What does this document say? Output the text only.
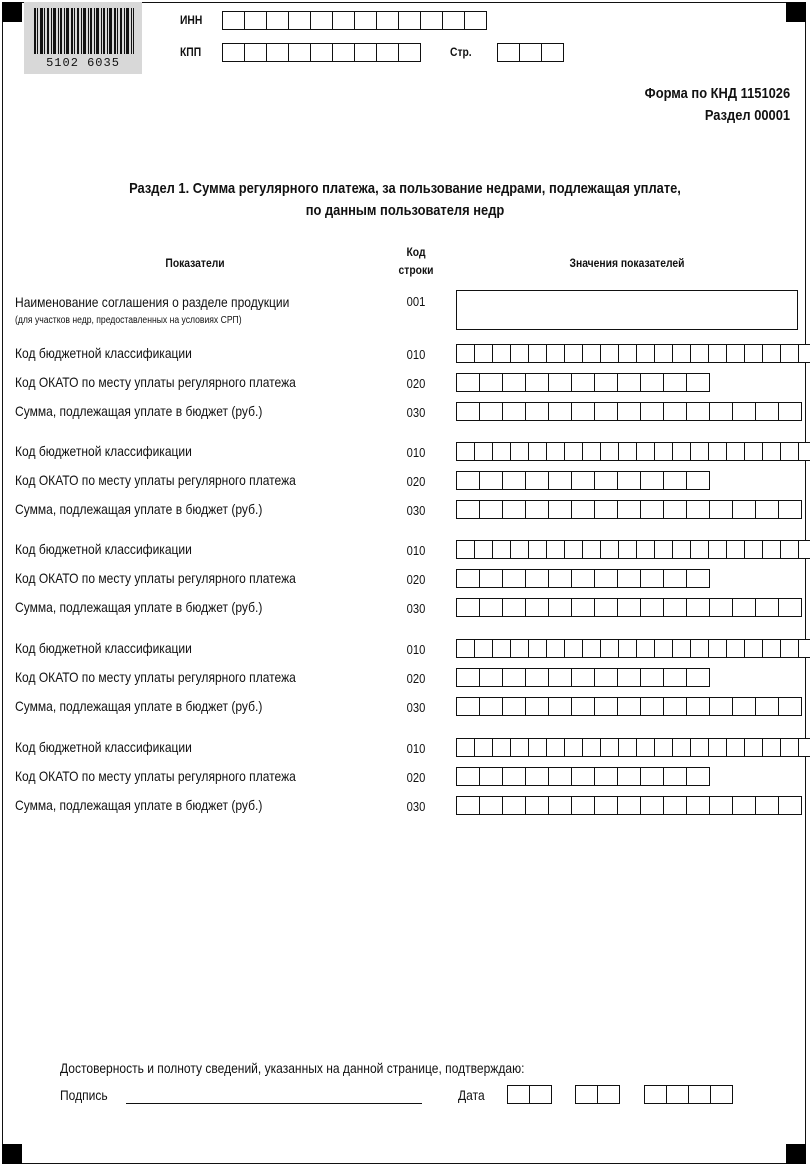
5102 6035
ИНН
КПП	Стр.
Форма по КНД 1151026
Раздел 00001
Раздел 1. Сумма регулярного платежа, за пользование недрами, подлежащая уплате,
по данным пользователя недр
Показатели
Код
строки	Значения показателей
Наименование соглашения о разделе продукции
(для участков недр, предоставленных на условиях СРП)
001
Код бюджетной классификации	010
Код ОКАТО по месту уплаты регулярного платежа	020
Сумма, подлежащая уплате в бюджет (руб.)	030
Код бюджетной классификации	010
Код ОКАТО по месту уплаты регулярного платежа	020
Сумма, подлежащая уплате в бюджет (руб.)	030
Код бюджетной классификации	010
Код ОКАТО по месту уплаты регулярного платежа	020
Сумма, подлежащая уплате в бюджет (руб.)	030
Код бюджетной классификации	010
Код ОКАТО по месту уплаты регулярного платежа	020
Сумма, подлежащая уплате в бюджет (руб.)	030
Код бюджетной классификации	010
Код ОКАТО по месту уплаты регулярного платежа	020
Сумма, подлежащая уплате в бюджет (руб.)	030
Достоверность и полноту сведений, указанных на данной странице, подтверждаю:
Подпись	Дата
